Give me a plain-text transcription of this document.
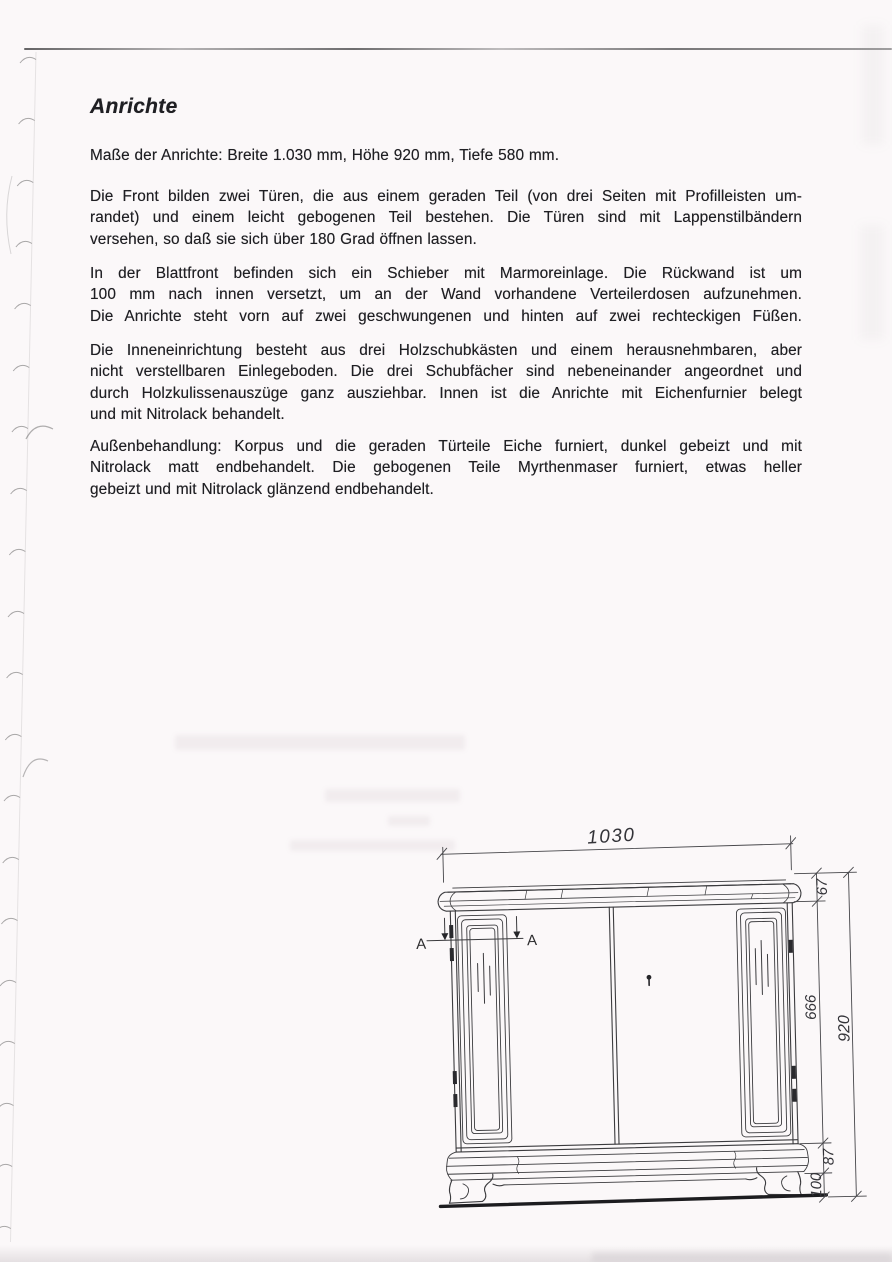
Anrichte
Maße der Anrichte: Breite 1.030 mm, Höhe 920 mm, Tiefe 580 mm.
Die Front bilden zwei Türen, die aus einem geraden Teil (von drei Seiten mit Profilleisten um-
randet) und einem leicht gebogenen Teil bestehen. Die Türen sind mit Lappenstilbändern
versehen, so daß sie sich über 180 Grad öffnen lassen.
In der Blattfront befinden sich ein Schieber mit Marmoreinlage. Die Rückwand ist um
100 mm nach innen versetzt, um an der Wand vorhandene Verteilerdosen aufzunehmen.
Die Anrichte steht vorn auf zwei geschwungenen und hinten auf zwei rechteckigen Füßen.
Die Inneneinrichtung besteht aus drei Holzschubkästen und einem herausnehmbaren, aber
nicht verstellbaren Einlegeboden. Die drei Schubfächer sind nebeneinander angeordnet und
durch Holzkulissenauszüge ganz ausziehbar. Innen ist die Anrichte mit Eichenfurnier belegt
und mit Nitrolack behandelt.
Außenbehandlung: Korpus und die geraden Türteile Eiche furniert, dunkel gebeizt und mit
Nitrolack matt endbehandelt. Die gebogenen Teile Myrthenmaser furniert, etwas heller
gebeizt und mit Nitrolack glänzend endbehandelt.
A	A
1030
67
666
920
87
100
